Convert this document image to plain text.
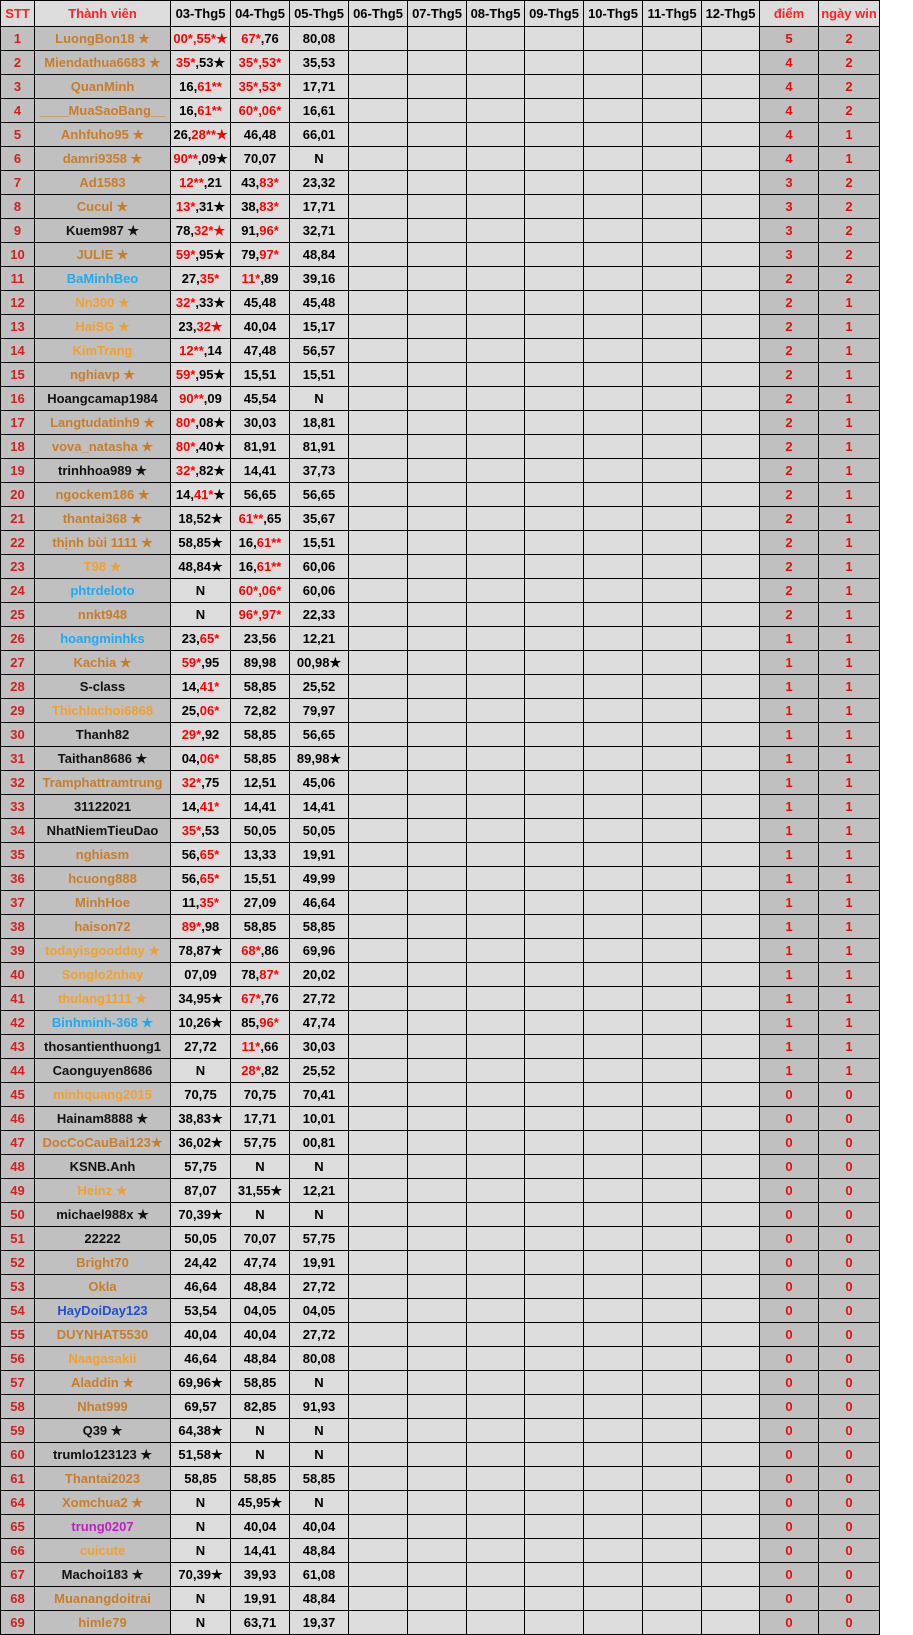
STT	Thành viên	03-Thg5	04-Thg5	05-Thg5	06-Thg5	07-Thg5	08-Thg5	09-Thg5	10-Thg5	11-Thg5	12-Thg5	điểm	ngày win
1	LuongBon18 ★	00*,55*★	67*,76	80,08								5	2
2	Miendathua6683 ★	35*,53★	35*,53*	35,53								4	2
3	QuanMinh	16,61**	35*,53*	17,71								4	2
4	____MuaSaoBang__	16,61**	60*,06*	16,61								4	2
5	Anhfuho95 ★	26,28**★	46,48	66,01								4	1
6	damri9358 ★	90**,09★	70,07	N								4	1
7	Ad1583	12**,21	43,83*	23,32								3	2
8	Cucul ★	13*,31★	38,83*	17,71								3	2
9	Kuem987 ★	78,32*★	91,96*	32,71								3	2
10	JULIE ★	59*,95★	79,97*	48,84								3	2
11	BaMinhBeo	27,35*	11*,89	39,16								2	2
12	Nn300 ★	32*,33★	45,48	45,48								2	1
13	HaiSG ★	23,32★	40,04	15,17								2	1
14	KimTrang	12**,14	47,48	56,57								2	1
15	nghiavp ★	59*,95★	15,51	15,51								2	1
16	Hoangcamap1984	90**,09	45,54	N								2	1
17	Langtudatinh9 ★	80*,08★	30,03	18,81								2	1
18	vova_natasha ★	80*,40★	81,91	81,91								2	1
19	trinhhoa989 ★	32*,82★	14,41	37,73								2	1
20	ngockem186 ★	14,41*★	56,65	56,65								2	1
21	thantai368 ★	18,52★	61**,65	35,67								2	1
22	thịnh bùi 1111 ★	58,85★	16,61**	15,51								2	1
23	T98 ★	48,84★	16,61**	60,06								2	1
24	phtrdeloto	N	60*,06*	60,06								2	1
25	nnkt948	N	96*,97*	22,33								2	1
26	hoangminhks	23,65*	23,56	12,21								1	1
27	Kachia ★	59*,95	89,98	00,98★								1	1
28	S-class	14,41*	58,85	25,52								1	1
29	Thichlachoi6868	25,06*	72,82	79,97								1	1
30	Thanh82	29*,92	58,85	56,65								1	1
31	Taithan8686 ★	04,06*	58,85	89,98★								1	1
32	Tramphattramtrung	32*,75	12,51	45,06								1	1
33	31122021	14,41*	14,41	14,41								1	1
34	NhatNiemTieuDao	35*,53	50,05	50,05								1	1
35	nghiasm	56,65*	13,33	19,91								1	1
36	hcuong888	56,65*	15,51	49,99								1	1
37	MinhHoe	11,35*	27,09	46,64								1	1
38	haison72	89*,98	58,85	58,85								1	1
39	todayisgoodday ★	78,87★	68*,86	69,96								1	1
40	Songlo2nhay	07,09	78,87*	20,02								1	1
41	thulang1111 ★	34,95★	67*,76	27,72								1	1
42	Binhminh-368 ★	10,26★	85,96*	47,74								1	1
43	thosantienthuong1	27,72	11*,66	30,03								1	1
44	Caonguyen8686	N	28*,82	25,52								1	1
45	minhquang2015	70,75	70,75	70,41								0	0
46	Hainam8888 ★	38,83★	17,71	10,01								0	0
47	DocCoCauBai123★	36,02★	57,75	00,81								0	0
48	KSNB.Anh	57,75	N	N								0	0
49	Heinz ★	87,07	31,55★	12,21								0	0
50	michael988x ★	70,39★	N	N								0	0
51	22222	50,05	70,07	57,75								0	0
52	Bright70	24,42	47,74	19,91								0	0
53	Okla	46,64	48,84	27,72								0	0
54	HayDoiDay123	53,54	04,05	04,05								0	0
55	DUYNHAT5530	40,04	40,04	27,72								0	0
56	Naagasakii	46,64	48,84	80,08								0	0
57	Aladdin ★	69,96★	58,85	N								0	0
58	Nhat999	69,57	82,85	91,93								0	0
59	Q39 ★	64,38★	N	N								0	0
60	trumlo123123 ★	51,58★	N	N								0	0
61	Thantai2023	58,85	58,85	58,85								0	0
64	Xomchua2 ★	N	45,95★	N								0	0
65	trung0207	N	40,04	40,04								0	0
66	cuicute	N	14,41	48,84								0	0
67	Machoi183 ★	70,39★	39,93	61,08								0	0
68	Muanangdoitrai	N	19,91	48,84								0	0
69	himle79	N	63,71	19,37								0	0
